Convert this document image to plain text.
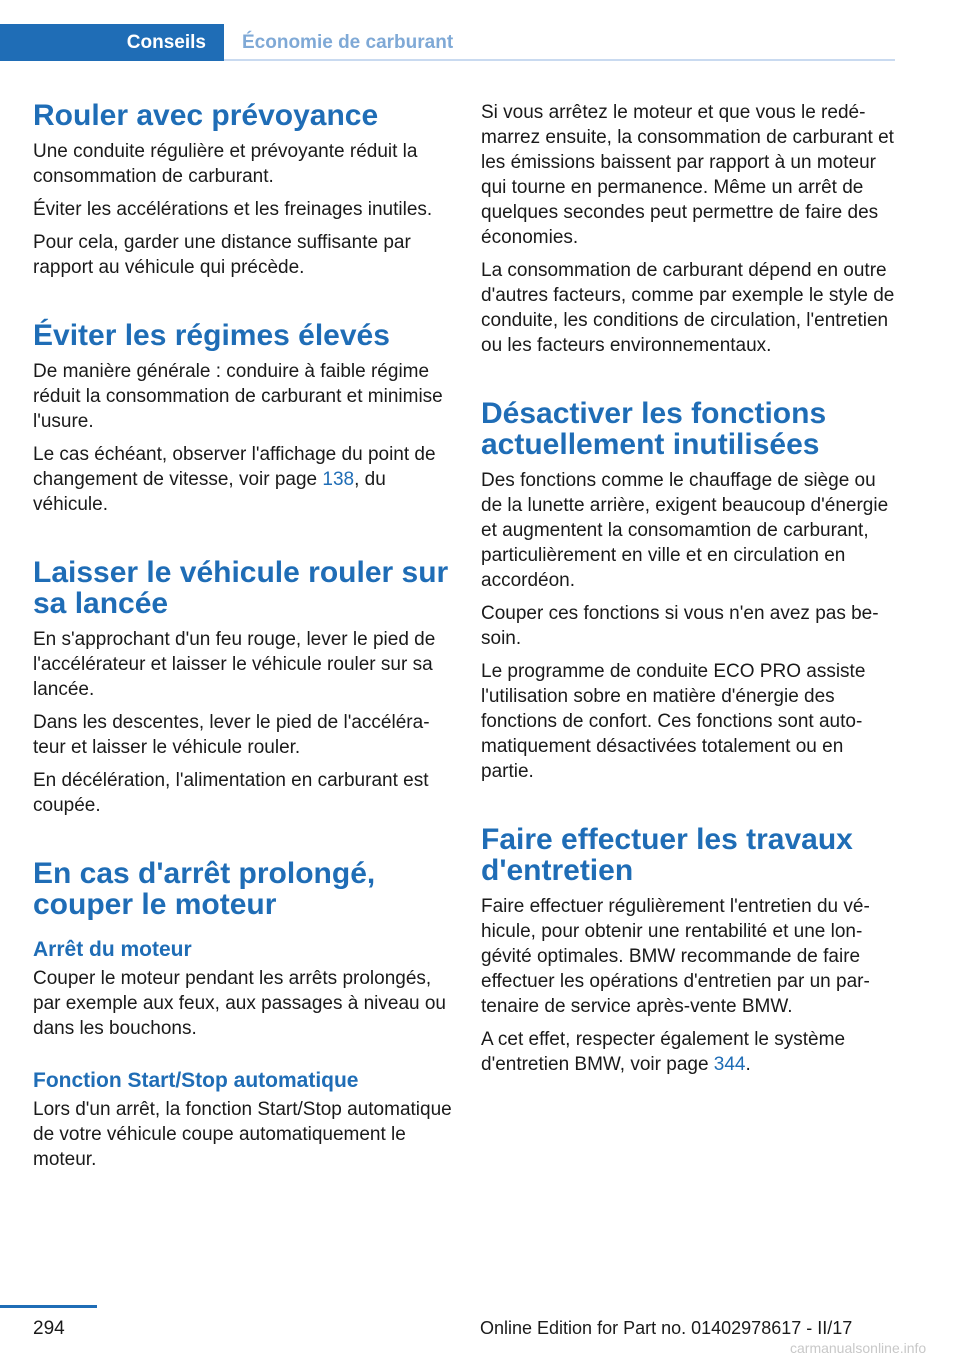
Conseils	Économie de carburant
Rouler avec prévoyance

Une conduite régulière et prévoyante réduit la consommation de carburant.

Éviter les accélérations et les freinages inutiles.

Pour cela, garder une distance suffisante par rapport au véhicule qui précède.

Éviter les régimes élevés

De manière générale : conduire à faible régime réduit la consommation de carburant et minimise l'usure.

Le cas échéant, observer l'affichage du point de changement de vitesse, voir page 138, du véhicule.

Laisser le véhicule rouler sur sa lancée

En s'approchant d'un feu rouge, lever le pied de l'accélérateur et laisser le véhicule rouler sur sa lancée.

Dans les descentes, lever le pied de l'accélérateur et laisser le véhicule rouler.

En décélération, l'alimentation en carburant est coupée.

En cas d'arrêt prolongé, couper le moteur
Arrêt du moteur

Couper le moteur pendant les arrêts prolongés, par exemple aux feux, aux passages à niveau ou dans les bouchons.

Fonction Start/Stop automatique

Lors d'un arrêt, la fonction Start/Stop automatique de votre véhicule coupe automatiquement le moteur.

Si vous arrêtez le moteur et que vous le redémarrez ensuite, la consommation de carburant et les émissions baissent par rapport à un moteur qui tourne en permanence. Même un arrêt de quelques secondes peut permettre de faire des économies.

La consommation de carburant dépend en outre d'autres facteurs, comme par exemple le style de conduite, les conditions de circulation, l'entretien ou les facteurs environnementaux.

Désactiver les fonctions actuellement inutilisées

Des fonctions comme le chauffage de siège ou de la lunette arrière, exigent beaucoup d'énergie et augmentent la consomamtion de carburant, particulièrement en ville et en circulation en accordéon.

Couper ces fonctions si vous n'en avez pas besoin.

Le programme de conduite ECO PRO assiste l'utilisation sobre en matière d'énergie des fonctions de confort. Ces fonctions sont automatiquement désactivées totalement ou en partie.

Faire effectuer les travaux d'entretien

Faire effectuer régulièrement l'entretien du véhicule, pour obtenir une rentabilité et une longévité optimales. BMW recommande de faire effectuer les opérations d'entretien par un partenaire de service après-vente BMW.

A cet effet, respecter également le système d'entretien BMW, voir page 344.

294	Online Edition for Part no. 01402978617 - II/17
carmanualsonline.info
